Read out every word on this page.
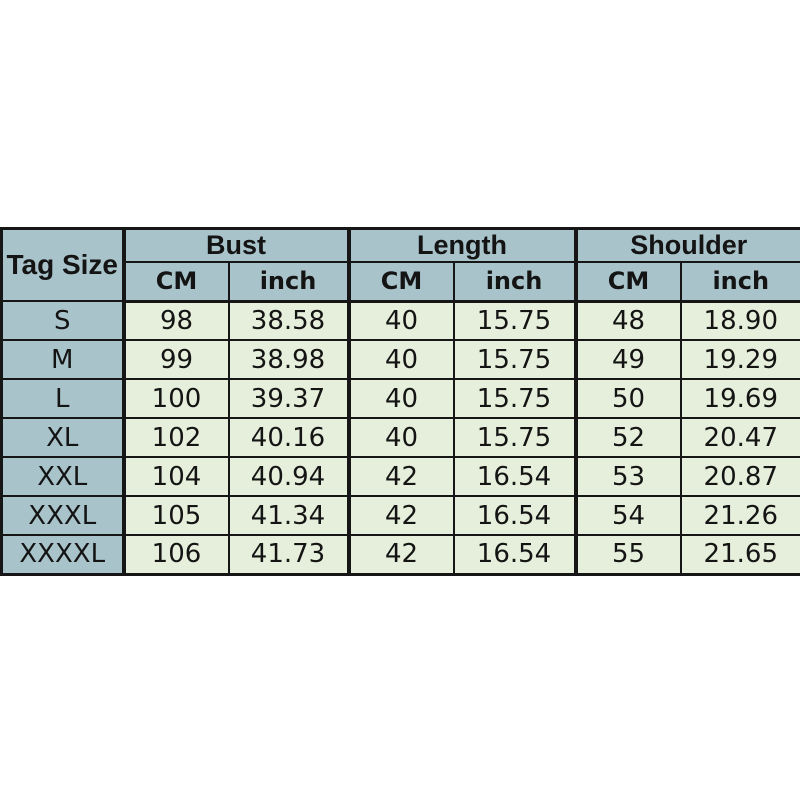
Tag Size	Bust		Length		Shoulder	
	CM	inch	CM	inch	CM	inch
S	98	38.58	40	15.75	48	18.90
M	99	38.98	40	15.75	49	19.29
L	100	39.37	40	15.75	50	19.69
XL	102	40.16	40	15.75	52	20.47
XXL	104	40.94	42	16.54	53	20.87
XXXL	105	41.34	42	16.54	54	21.26
XXXXL	106	41.73	42	16.54	55	21.65
